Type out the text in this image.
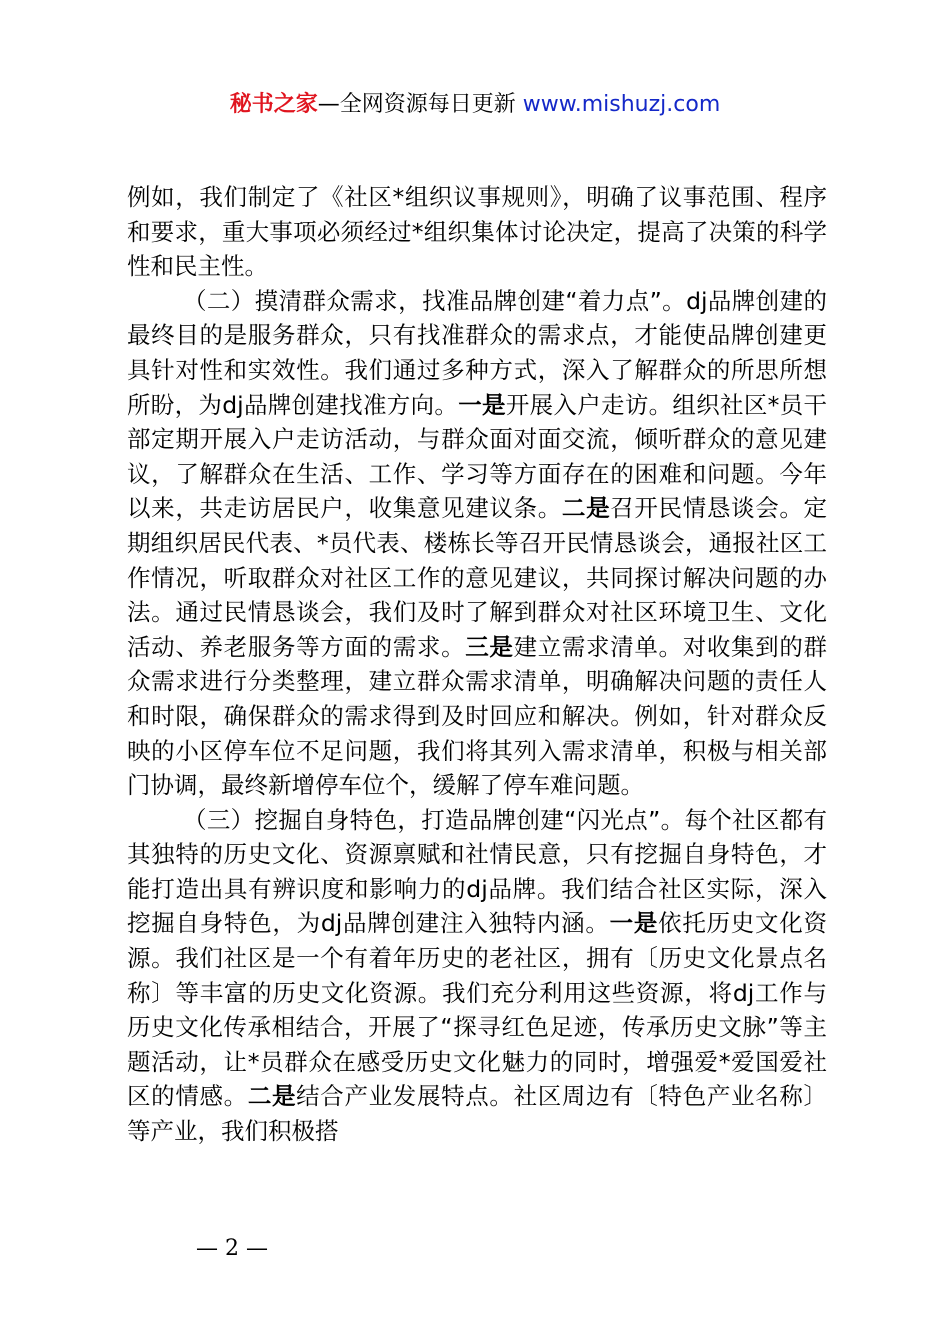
秘书之家—全网资源每日更新 www.mishuzj.com

例如，我们制定了《社区*组织议事规则》，明确了议事范围、程序和要求，重大事项必须经过*组织集体讨论决定，提高了决策的科学性和民主性。

（二）摸清群众需求，找准品牌创建“着力点”。dj品牌创建的最终目的是服务群众，只有找准群众的需求点，才能使品牌创建更具针对性和实效性。我们通过多种方式，深入了解群众的所思所想所盼，为dj品牌创建找准方向。一是开展入户走访。组织社区*员干部定期开展入户走访活动，与群众面对面交流，倾听群众的意见建议，了解群众在生活、工作、学习等方面存在的困难和问题。今年以来，共走访居民户，收集意见建议条。二是召开民情恳谈会。定期组织居民代表、*员代表、楼栋长等召开民情恳谈会，通报社区工作情况，听取群众对社区工作的意见建议，共同探讨解决问题的办法。通过民情恳谈会，我们及时了解到群众对社区环境卫生、文化活动、养老服务等方面的需求。三是建立需求清单。对收集到的群众需求进行分类整理，建立群众需求清单，明确解决问题的责任人和时限，确保群众的需求得到及时回应和解决。例如，针对群众反映的小区停车位不足问题，我们将其列入需求清单，积极与相关部门协调，最终新增停车位个，缓解了停车难问题。

（三）挖掘自身特色，打造品牌创建“闪光点”。每个社区都有其独特的历史文化、资源禀赋和社情民意，只有挖掘自身特色，才能打造出具有辨识度和影响力的dj品牌。我们结合社区实际，深入挖掘自身特色，为dj品牌创建注入独特内涵。一是依托历史文化资源。我们社区是一个有着年历史的老社区，拥有〔历史文化景点名称〕等丰富的历史文化资源。我们充分利用这些资源，将dj工作与历史文化传承相结合，开展了“探寻红色足迹，传承历史文脉”等主题活动，让*员群众在感受历史文化魅力的同时，增强爱*爱国爱社区的情感。二是结合产业发展特点。社区周边有〔特色产业名称〕等产业，我们积极搭

— 2 —
